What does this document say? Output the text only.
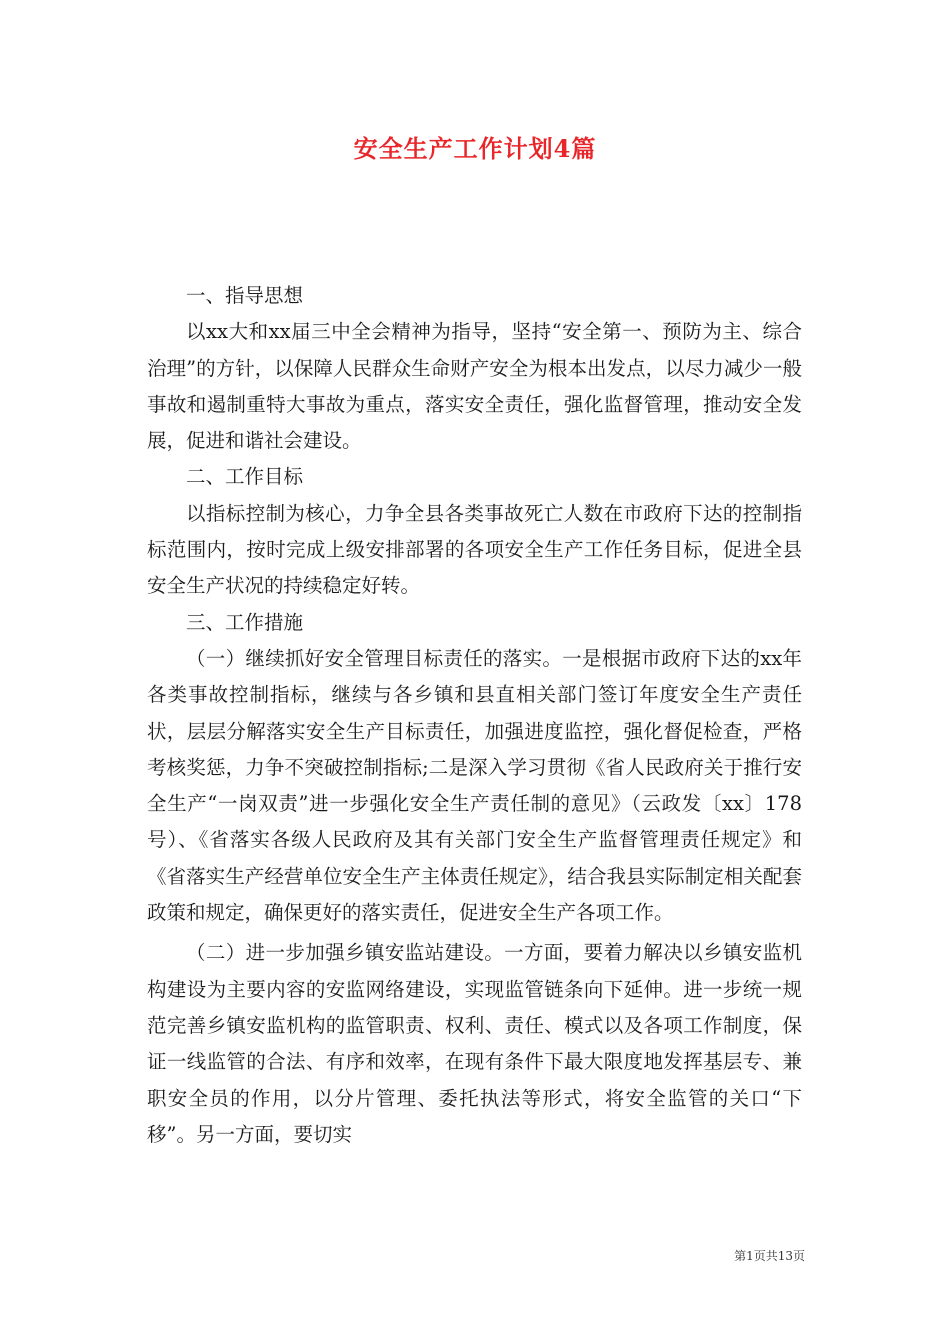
安全生产工作计划4篇

一、指导思想

以xx大和xx届三中全会精神为指导，坚持“安全第一、预防为主、综合治理”的方针，以保障人民群众生命财产安全为根本出发点，以尽力减少一般事故和遏制重特大事故为重点，落实安全责任，强化监督管理，推动安全发展，促进和谐社会建设。

二、工作目标

以指标控制为核心，力争全县各类事故死亡人数在市政府下达的控制指标范围内，按时完成上级安排部署的各项安全生产工作任务目标，促进全县安全生产状况的持续稳定好转。

三、工作措施

（一）继续抓好安全管理目标责任的落实。一是根据市政府下达的xx年各类事故控制指标，继续与各乡镇和县直相关部门签订年度安全生产责任状，层层分解落实安全生产目标责任，加强进度监控，强化督促检查，严格考核奖惩，力争不突破控制指标;二是深入学习贯彻《省人民政府关于推行安全生产“一岗双责”进一步强化安全生产责任制的意见》（云政发〔xx〕178号）、《省落实各级人民政府及其有关部门安全生产监督管理责任规定》和《省落实生产经营单位安全生产主体责任规定》，结合我县实际制定相关配套政策和规定，确保更好的落实责任，促进安全生产各项工作。

（二）进一步加强乡镇安监站建设。一方面，要着力解决以乡镇安监机构建设为主要内容的安监网络建设，实现监管链条向下延伸。进一步统一规范完善乡镇安监机构的监管职责、权利、责任、模式以及各项工作制度，保证一线监管的合法、有序和效率，在现有条件下最大限度地发挥基层专、兼职安全员的作用，以分片管理、委托执法等形式，将安全监管的关口“下移”。另一方面，要切实

第1页共13页
